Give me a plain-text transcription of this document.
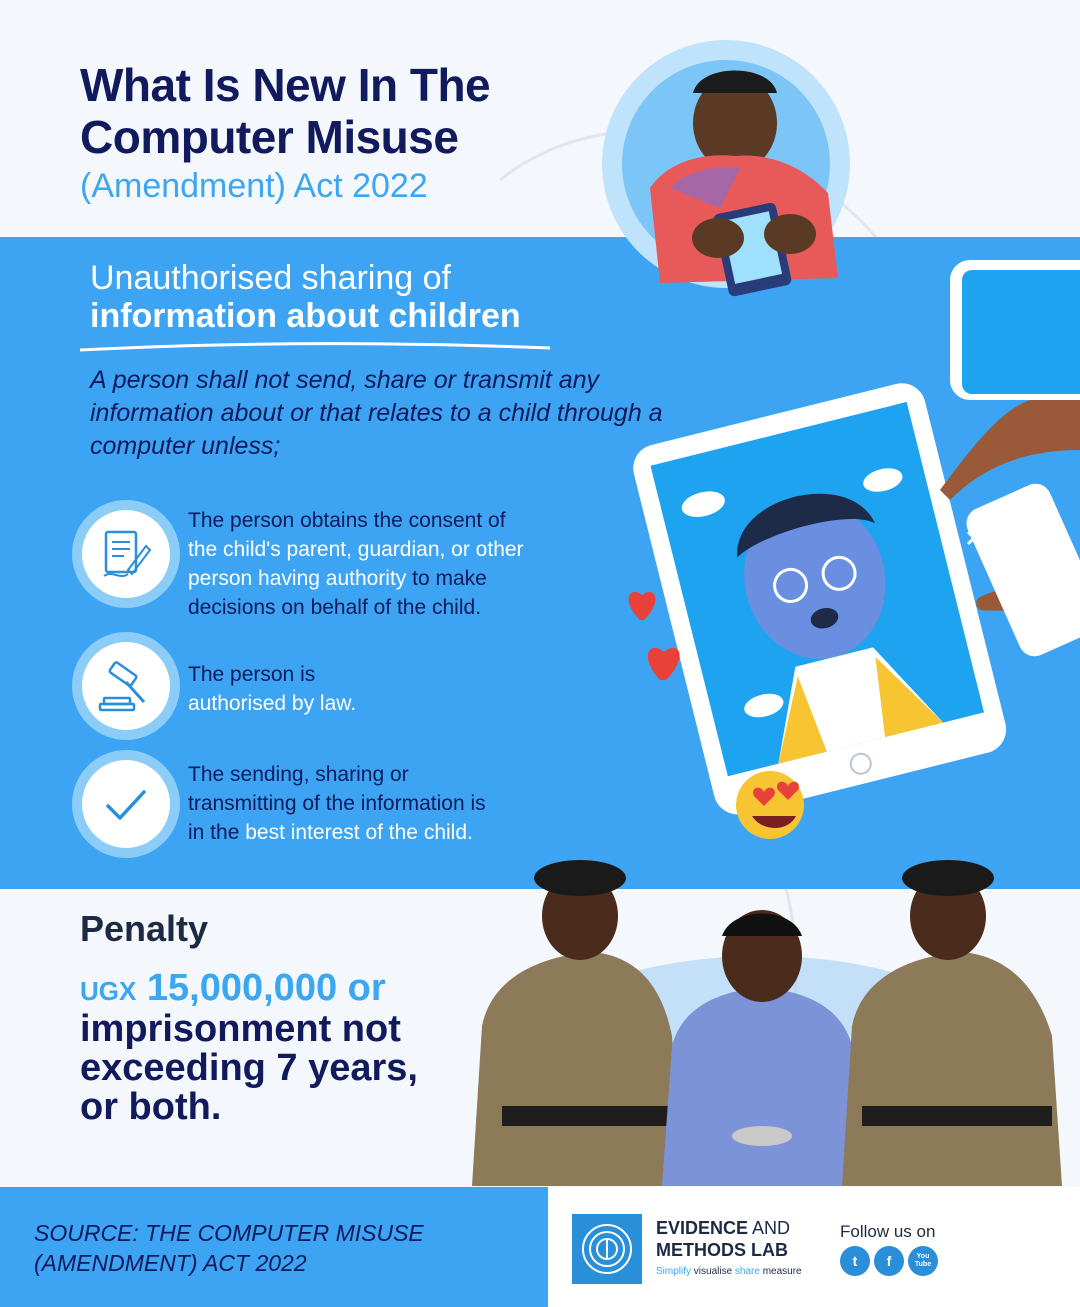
What Is New In The
Computer Misuse
(Amendment) Act 2022
Unauthorised sharing of
information about children
A person shall not send, share or transmit any information about or that relates to a child through a computer unless;
The person obtains the consent of
the child's parent, guardian, or other
person having authority to make
decisions on behalf of the child.
The person is
authorised by law.
The sending, sharing or
transmitting of the information is
in the best interest of the child.
Penalty
UGX 15,000,000 or
imprisonment not
exceeding 7 years,
or both.
SOURCE: THE COMPUTER MISUSE
(AMENDMENT) ACT 2022
EVIDENCE AND
METHODS LAB
Simplify visualise share measure
Follow us on
t	f	You Tube
